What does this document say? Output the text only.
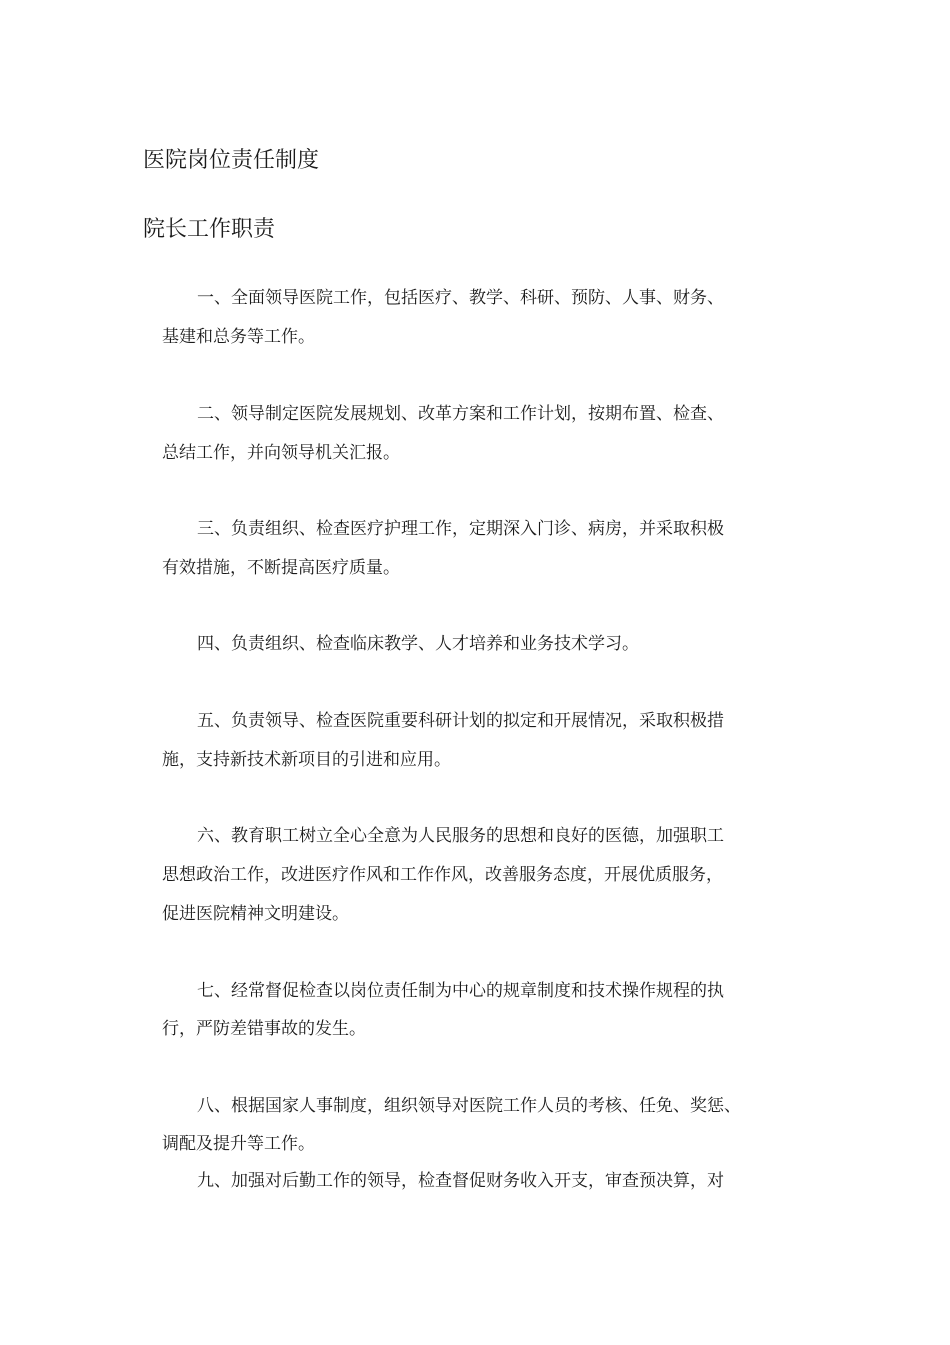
医院岗位责任制度
院长工作职责
一、全面领导医院工作，包括医疗、教学、科研、预防、人事、财务、
基建和总务等工作。
二、领导制定医院发展规划、改革方案和工作计划，按期布置、检查、
总结工作，并向领导机关汇报。
三、负责组织、检查医疗护理工作，定期深入门诊、病房，并采取积极
有效措施，不断提高医疗质量。
四、负责组织、检查临床教学、人才培养和业务技术学习。
五、负责领导、检查医院重要科研计划的拟定和开展情况，采取积极措
施，支持新技术新项目的引进和应用。
六、教育职工树立全心全意为人民服务的思想和良好的医德，加强职工
思想政治工作，改进医疗作风和工作作风，改善服务态度，开展优质服务，
促进医院精神文明建设。
七、经常督促检查以岗位责任制为中心的规章制度和技术操作规程的执
行，严防差错事故的发生。
八、根据国家人事制度，组织领导对医院工作人员的考核、任免、奖惩、
调配及提升等工作。
九、加强对后勤工作的领导，检查督促财务收入开支，审查预决算，对
